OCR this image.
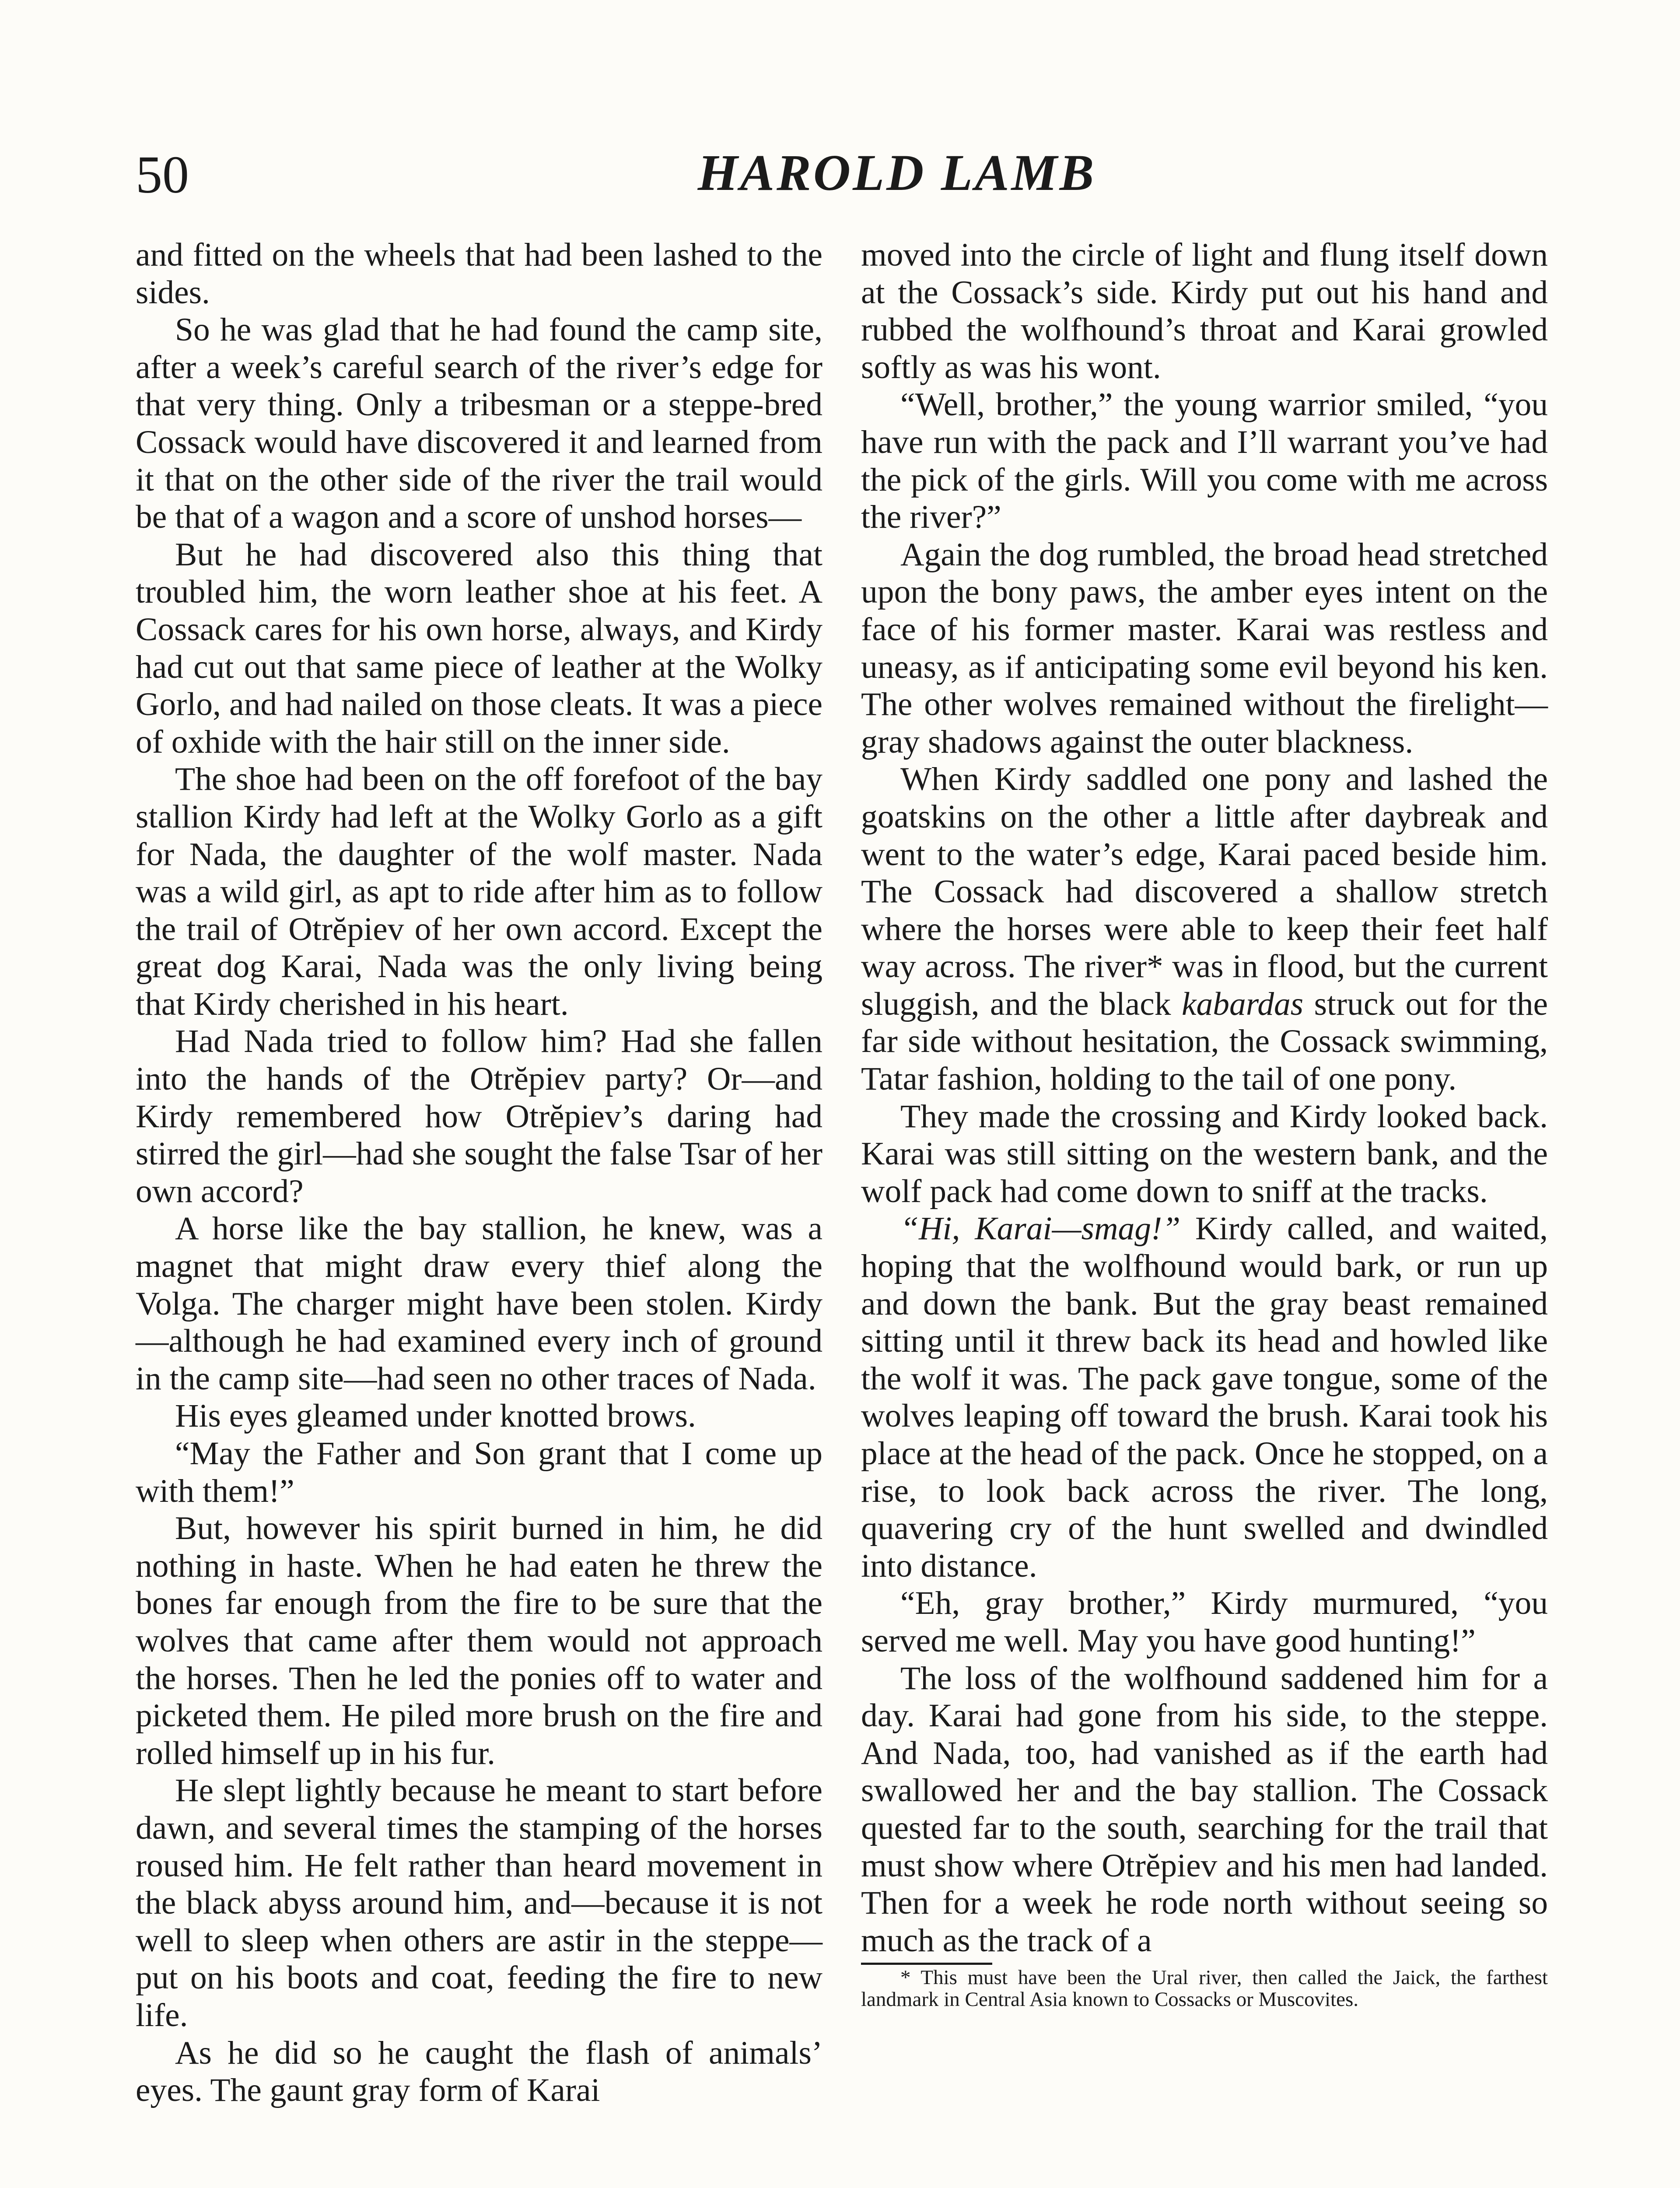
50	HAROLD LAMB

and fitted on the wheels that had been lashed to the sides.

So he was glad that he had found the camp site, after a week’s careful search of the river’s edge for that very thing. Only a tribesman or a steppe-bred Cossack would have discovered it and learned from it that on the other side of the river the trail would be that of a wagon and a score of unshod horses—

But he had discovered also this thing that troubled him, the worn leather shoe at his feet. A Cossack cares for his own horse, always, and Kirdy had cut out that same piece of leather at the Wolky Gorlo, and had nailed on those cleats. It was a piece of oxhide with the hair still on the inner side.

The shoe had been on the off forefoot of the bay stallion Kirdy had left at the Wolky Gorlo as a gift for Nada, the daughter of the wolf master. Nada was a wild girl, as apt to ride after him as to follow the trail of Otrĕpiev of her own accord. Except the great dog Karai, Nada was the only living being that Kirdy cherished in his heart.

Had Nada tried to follow him? Had she fallen into the hands of the Otrĕpiev party? Or—and Kirdy remembered how Otrĕpiev’s daring had stirred the girl—had she sought the false Tsar of her own accord?

A horse like the bay stallion, he knew, was a magnet that might draw every thief along the Volga. The charger might have been stolen. Kirdy—although he had examined every inch of ground in the camp site—had seen no other traces of Nada.

His eyes gleamed under knotted brows.

“May the Father and Son grant that I come up with them!”

But, however his spirit burned in him, he did nothing in haste. When he had eaten he threw the bones far enough from the fire to be sure that the wolves that came after them would not approach the horses. Then he led the ponies off to water and picketed them. He piled more brush on the fire and rolled himself up in his fur.

He slept lightly because he meant to start before dawn, and several times the stamping of the horses roused him. He felt rather than heard movement in the black abyss around him, and—because it is not well to sleep when others are astir in the steppe— put on his boots and coat, feeding the fire to new life.

As he did so he caught the flash of animals’ eyes. The gaunt gray form of Karai

moved into the circle of light and flung itself down at the Cossack’s side. Kirdy put out his hand and rubbed the wolfhound’s throat and Karai growled softly as was his wont.

“Well, brother,” the young warrior smiled, “you have run with the pack and I’ll warrant you’ve had the pick of the girls. Will you come with me across the river?”

Again the dog rumbled, the broad head stretched upon the bony paws, the amber eyes intent on the face of his former master. Karai was restless and uneasy, as if anticipating some evil beyond his ken. The other wolves remained without the firelight—gray shadows against the outer blackness.

When Kirdy saddled one pony and lashed the goatskins on the other a little after daybreak and went to the water’s edge, Karai paced beside him. The Cossack had discovered a shallow stretch where the horses were able to keep their feet half way across. The river* was in flood, but the current sluggish, and the black kabardas struck out for the far side without hesitation, the Cossack swimming, Tatar fashion, holding to the tail of one pony.

They made the crossing and Kirdy looked back. Karai was still sitting on the western bank, and the wolf pack had come down to sniff at the tracks.

“Hi, Karai—smag!” Kirdy called, and waited, hoping that the wolfhound would bark, or run up and down the bank. But the gray beast remained sitting until it threw back its head and howled like the wolf it was. The pack gave tongue, some of the wolves leaping off toward the brush. Karai took his place at the head of the pack. Once he stopped, on a rise, to look back across the river. The long, quavering cry of the hunt swelled and dwindled into distance.

“Eh, gray brother,” Kirdy murmured, “you served me well. May you have good hunting!”

The loss of the wolfhound saddened him for a day. Karai had gone from his side, to the steppe. And Nada, too, had vanished as if the earth had swallowed her and the bay stallion. The Cossack quested far to the south, searching for the trail that must show where Otrĕpiev and his men had landed. Then for a week he rode north without seeing so much as the track of a

* This must have been the Ural river, then called the Jaick, the farthest landmark in Central Asia known to Cossacks or Muscovites.
